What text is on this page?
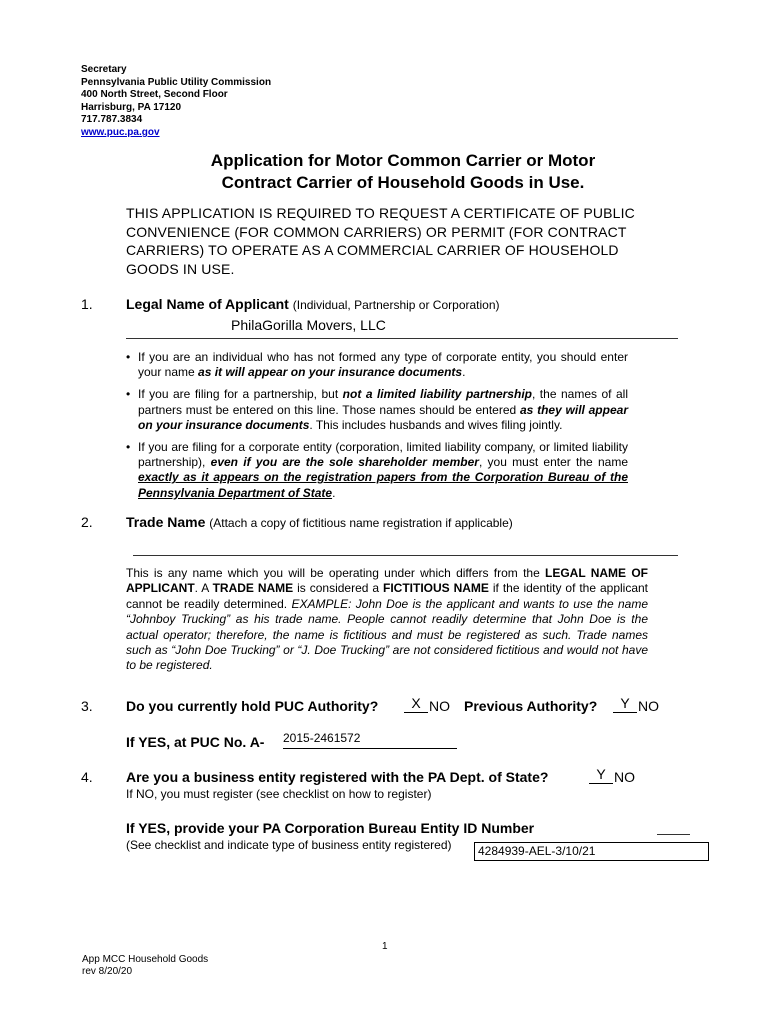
Secretary
Pennsylvania Public Utility Commission
400 North Street, Second Floor
Harrisburg, PA 17120
717.787.3834
www.puc.pa.gov
Application for Motor Common Carrier or Motor
Contract Carrier of Household Goods in Use.
THIS APPLICATION IS REQUIRED TO REQUEST A CERTIFICATE OF PUBLIC CONVENIENCE (FOR COMMON CARRIERS) OR PERMIT (FOR CONTRACT CARRIERS) TO OPERATE AS A COMMERCIAL CARRIER OF HOUSEHOLD GOODS IN USE.
1. Legal Name of Applicant (Individual, Partnership or Corporation)
PhilaGorilla Movers, LLC
• If you are an individual who has not formed any type of corporate entity, you should enter your name as it will appear on your insurance documents.
• If you are filing for a partnership, but not a limited liability partnership, the names of all partners must be entered on this line. Those names should be entered as they will appear on your insurance documents. This includes husbands and wives filing jointly.
• If you are filing for a corporate entity (corporation, limited liability company, or limited liability partnership), even if you are the sole shareholder member, you must enter the name exactly as it appears on the registration papers from the Corporation Bureau of the Pennsylvania Department of State.
2. Trade Name (Attach a copy of fictitious name registration if applicable)
This is any name which you will be operating under which differs from the LEGAL NAME OF APPLICANT. A TRADE NAME is considered a FICTITIOUS NAME if the identity of the applicant cannot be readily determined. EXAMPLE: John Doe is the applicant and wants to use the name “Johnboy Trucking” as his trade name. People cannot readily determine that John Doe is the actual operator; therefore, the name is fictitious and must be registered as such. Trade names such as “John Doe Trucking” or “J. Doe Trucking” are not considered fictitious and would not have to be registered.
3. Do you currently hold PUC Authority?	X NO Previous Authority?	Y NO
If YES, at PUC No. A- 2015-2461572
4. Are you a business entity registered with the PA Dept. of State?	Y NO
If NO, you must register (see checklist on how to register)
If YES, provide your PA Corporation Bureau Entity ID Number
(See checklist and indicate type of business entity registered)	4284939-AEL-3/10/21
1
App MCC Household Goods
rev 8/20/20
